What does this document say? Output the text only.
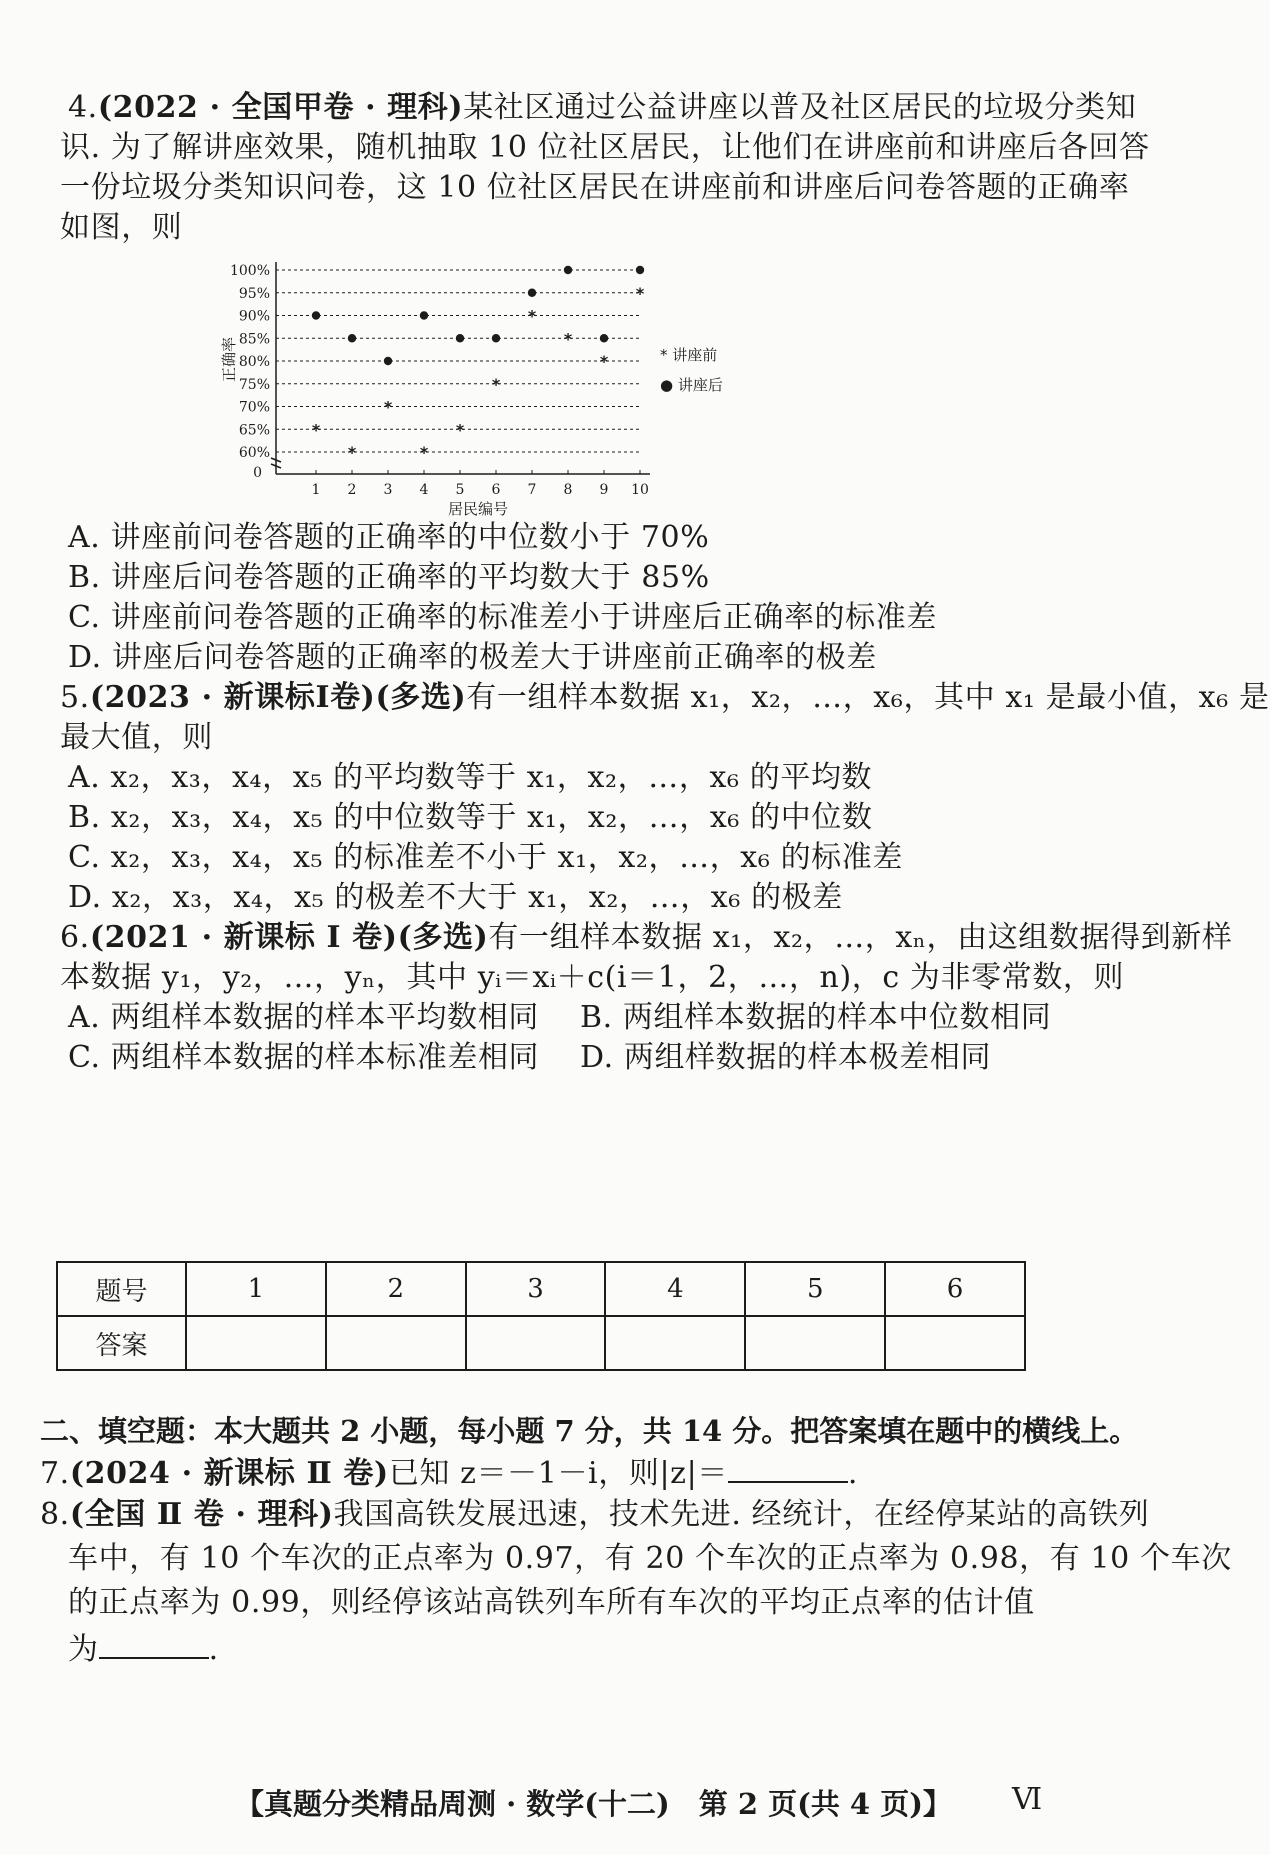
4.(2022 · 全国甲卷 · 理科)某社区通过公益讲座以普及社区居民的垃圾分类知
识. 为了解讲座效果，随机抽取 10 位社区居民，让他们在讲座前和讲座后各回答
一份垃圾分类知识问卷，这 10 位社区居民在讲座前和讲座后问卷答题的正确率
如图，则
60%
65%
70%
75%
80%
85%
90%
95%
100%
0
1 2 3 4 5 6 7 8 9 10
*
*
*
*
*
*
*
*
*
*
正确率
居民编号
* 讲座前
● 讲座后
A. 讲座前问卷答题的正确率的中位数小于 70%
B. 讲座后问卷答题的正确率的平均数大于 85%
C. 讲座前问卷答题的正确率的标准差小于讲座后正确率的标准差
D. 讲座后问卷答题的正确率的极差大于讲座前正确率的极差
5.(2023 · 新课标Ⅰ卷)(多选)有一组样本数据 x₁，x₂，…，x₆，其中 x₁ 是最小值，x₆ 是
最大值，则
A. x₂，x₃，x₄，x₅ 的平均数等于 x₁，x₂，…，x₆ 的平均数
B. x₂，x₃，x₄，x₅ 的中位数等于 x₁，x₂，…，x₆ 的中位数
C. x₂，x₃，x₄，x₅ 的标准差不小于 x₁，x₂，…，x₆ 的标准差
D. x₂，x₃，x₄，x₅ 的极差不大于 x₁，x₂，…，x₆ 的极差
6.(2021 · 新课标 Ⅰ 卷)(多选)有一组样本数据 x₁，x₂，…，xₙ，由这组数据得到新样
本数据 y₁，y₂，…，yₙ，其中 yᵢ＝xᵢ＋c(i＝1，2，…，n)，c 为非零常数，则
A. 两组样本数据的样本平均数相同 B. 两组样本数据的样本中位数相同
C. 两组样本数据的样本标准差相同 D. 两组样数据的样本极差相同
题号	1	2	3	4	5	6
答案						
二、填空题：本大题共 2 小题，每小题 7 分，共 14 分。把答案填在题中的横线上。
7.(2024 · 新课标 Ⅱ 卷)已知 z＝－1－i，则|z|＝	.
8.(全国 Ⅱ 卷 · 理科)我国高铁发展迅速，技术先进. 经统计，在经停某站的高铁列
车中，有 10 个车次的正点率为 0.97，有 20 个车次的正点率为 0.98，有 10 个车次
的正点率为 0.99，则经停该站高铁列车所有车次的平均正点率的估计值
为	.
【真题分类精品周测 · 数学(十二)　第 2 页(共 4 页)】 Ⅵ
